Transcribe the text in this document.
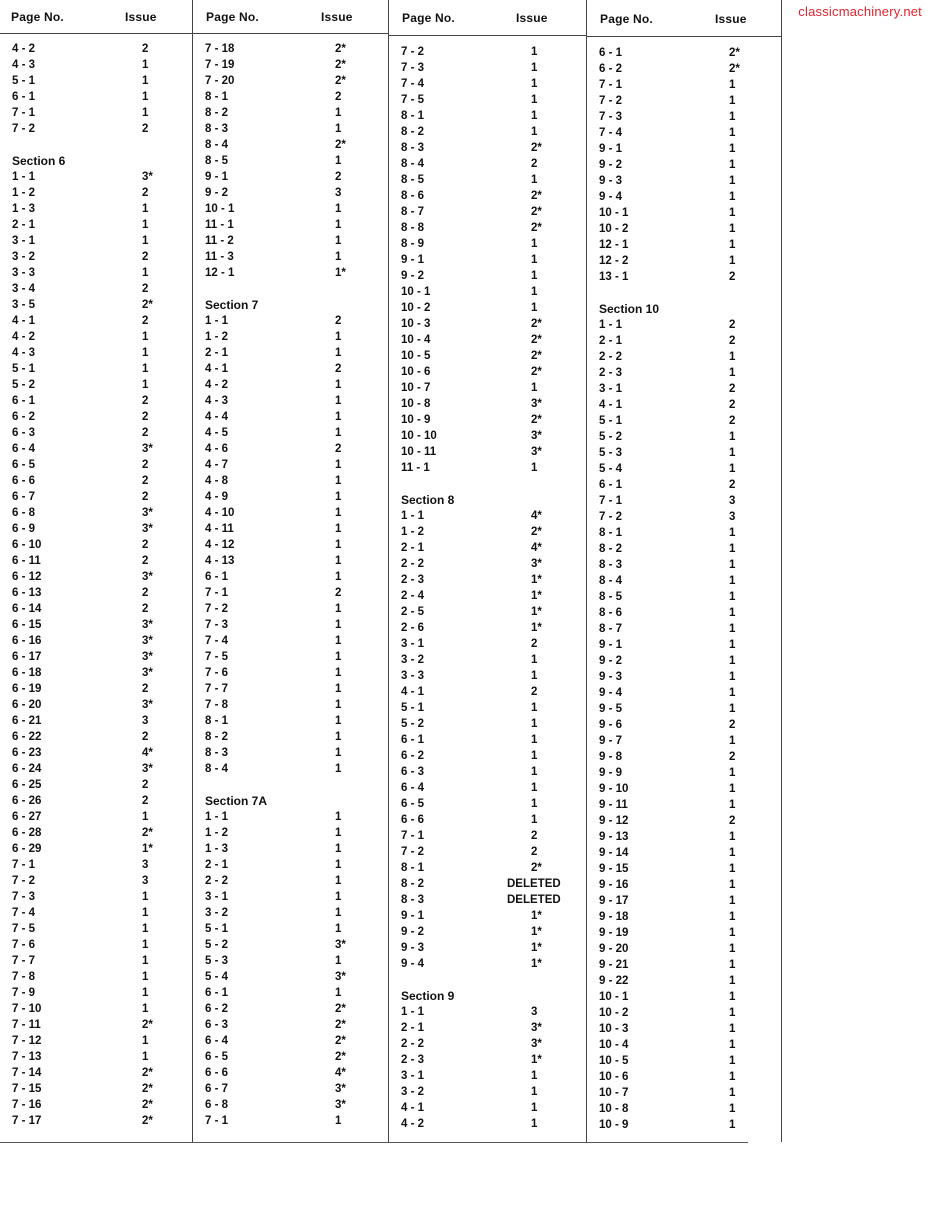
classicmachinery.net
Page No.	Issue
4 - 2	2
4 - 3	1
5 - 1	1
6 - 1	1
7 - 1	1
7 - 2	2
Section 6
1 - 1	3*
1 - 2	2
1 - 3	1
2 - 1	1
3 - 1	1
3 - 2	2
3 - 3	1
3 - 4	2
3 - 5	2*
4 - 1	2
4 - 2	1
4 - 3	1
5 - 1	1
5 - 2	1
6 - 1	2
6 - 2	2
6 - 3	2
6 - 4	3*
6 - 5	2
6 - 6	2
6 - 7	2
6 - 8	3*
6 - 9	3*
6 - 10	2
6 - 11	2
6 - 12	3*
6 - 13	2
6 - 14	2
6 - 15	3*
6 - 16	3*
6 - 17	3*
6 - 18	3*
6 - 19	2
6 - 20	3*
6 - 21	3
6 - 22	2
6 - 23	4*
6 - 24	3*
6 - 25	2
6 - 26	2
6 - 27	1
6 - 28	2*
6 - 29	1*
7 - 1	3
7 - 2	3
7 - 3	1
7 - 4	1
7 - 5	1
7 - 6	1
7 - 7	1
7 - 8	1
7 - 9	1
7 - 10	1
7 - 11	2*
7 - 12	1
7 - 13	1
7 - 14	2*
7 - 15	2*
7 - 16	2*
7 - 17	2*
Page No.	Issue
7 - 18	2*
7 - 19	2*
7 - 20	2*
8 - 1	2
8 - 2	1
8 - 3	1
8 - 4	2*
8 - 5	1
9 - 1	2
9 - 2	3
10 - 1	1
11 - 1	1
11 - 2	1
11 - 3	1
12 - 1	1*
Section 7
1 - 1	2
1 - 2	1
2 - 1	1
4 - 1	2
4 - 2	1
4 - 3	1
4 - 4	1
4 - 5	1
4 - 6	2
4 - 7	1
4 - 8	1
4 - 9	1
4 - 10	1
4 - 11	1
4 - 12	1
4 - 13	1
6 - 1	1
7 - 1	2
7 - 2	1
7 - 3	1
7 - 4	1
7 - 5	1
7 - 6	1
7 - 7	1
7 - 8	1
8 - 1	1
8 - 2	1
8 - 3	1
8 - 4	1
Section 7A
1 - 1	1
1 - 2	1
1 - 3	1
2 - 1	1
2 - 2	1
3 - 1	1
3 - 2	1
5 - 1	1
5 - 2	3*
5 - 3	1
5 - 4	3*
6 - 1	1
6 - 2	2*
6 - 3	2*
6 - 4	2*
6 - 5	2*
6 - 6	4*
6 - 7	3*
6 - 8	3*
7 - 1	1
Page No.	Issue
7 - 2	1
7 - 3	1
7 - 4	1
7 - 5	1
8 - 1	1
8 - 2	1
8 - 3	2*
8 - 4	2
8 - 5	1
8 - 6	2*
8 - 7	2*
8 - 8	2*
8 - 9	1
9 - 1	1
9 - 2	1
10 - 1	1
10 - 2	1
10 - 3	2*
10 - 4	2*
10 - 5	2*
10 - 6	2*
10 - 7	1
10 - 8	3*
10 - 9	2*
10 - 10	3*
10 - 11	3*
11 - 1	1
Section 8
1 - 1	4*
1 - 2	2*
2 - 1	4*
2 - 2	3*
2 - 3	1*
2 - 4	1*
2 - 5	1*
2 - 6	1*
3 - 1	2
3 - 2	1
3 - 3	1
4 - 1	2
5 - 1	1
5 - 2	1
6 - 1	1
6 - 2	1
6 - 3	1
6 - 4	1
6 - 5	1
6 - 6	1
7 - 1	2
7 - 2	2
8 - 1	2*
8 - 2	DELETED
8 - 3	DELETED
9 - 1	1*
9 - 2	1*
9 - 3	1*
9 - 4	1*
Section 9
1 - 1	3
2 - 1	3*
2 - 2	3*
2 - 3	1*
3 - 1	1
3 - 2	1
4 - 1	1
4 - 2	1
Page No.	Issue
6 - 1	2*
6 - 2	2*
7 - 1	1
7 - 2	1
7 - 3	1
7 - 4	1
9 - 1	1
9 - 2	1
9 - 3	1
9 - 4	1
10 - 1	1
10 - 2	1
12 - 1	1
12 - 2	1
13 - 1	2
Section 10
1 - 1	2
2 - 1	2
2 - 2	1
2 - 3	1
3 - 1	2
4 - 1	2
5 - 1	2
5 - 2	1
5 - 3	1
5 - 4	1
6 - 1	2
7 - 1	3
7 - 2	3
8 - 1	1
8 - 2	1
8 - 3	1
8 - 4	1
8 - 5	1
8 - 6	1
8 - 7	1
9 - 1	1
9 - 2	1
9 - 3	1
9 - 4	1
9 - 5	1
9 - 6	2
9 - 7	1
9 - 8	2
9 - 9	1
9 - 10	1
9 - 11	1
9 - 12	2
9 - 13	1
9 - 14	1
9 - 15	1
9 - 16	1
9 - 17	1
9 - 18	1
9 - 19	1
9 - 20	1
9 - 21	1
9 - 22	1
10 - 1	1
10 - 2	1
10 - 3	1
10 - 4	1
10 - 5	1
10 - 6	1
10 - 7	1
10 - 8	1
10 - 9	1
